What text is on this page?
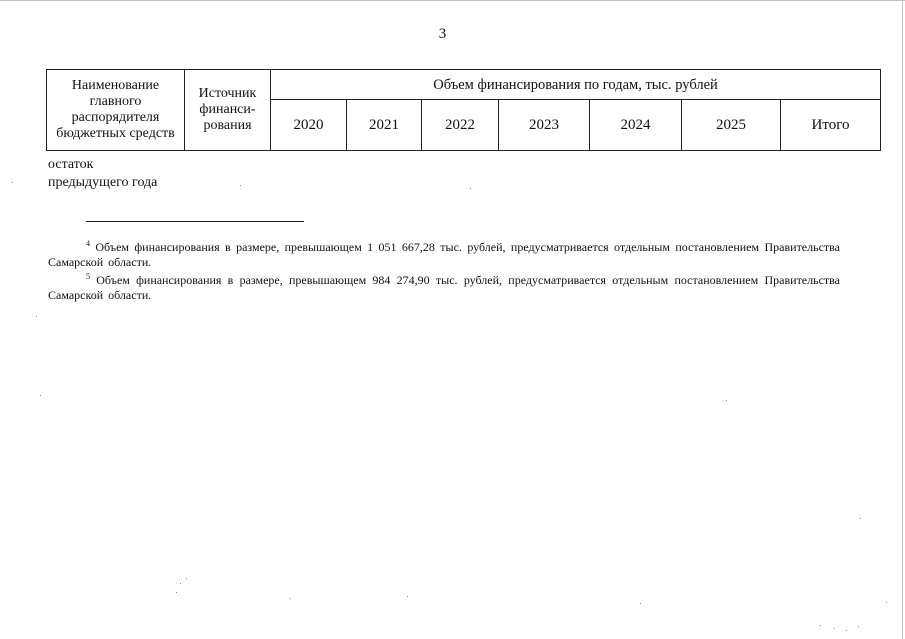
3
Наименование главного распорядителя бюджетных средств	Источник финанси-рования	Объем финансирования по годам, тыс. рублей						
		2020	2021	2022	2023	2024	2025	Итого
остаток
предыдущего года

$^4$ Объем финансирования в размере, превышающем 1 051 667,28 тыс. рублей, предусматривается отдельным постановлением Правительства Самарской области.

$^5$ Объем финансирования в размере, превышающем 984 274,90 тыс. рублей, предусматривается отдельным постановлением Правительства Самарской области.
